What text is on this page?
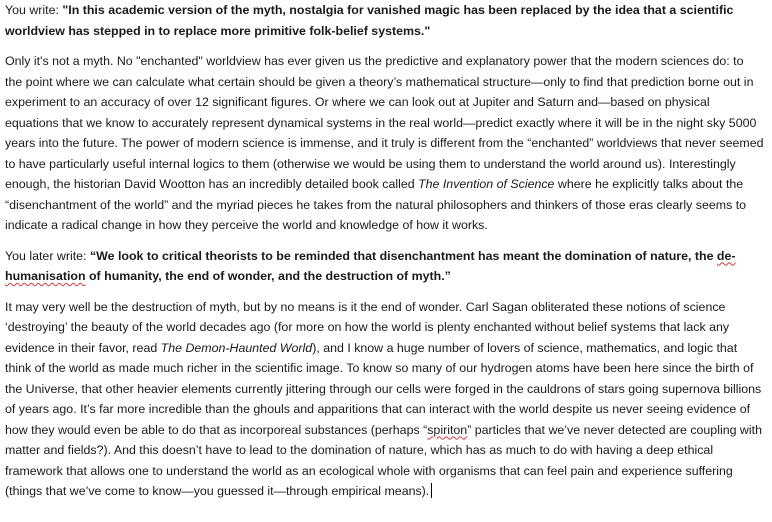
You write: "In this academic version of the myth, nostalgia for vanished magic has been replaced by the idea that a scientific worldview has stepped in to replace more primitive folk-belief systems."

Only it's not a myth. No "enchanted" worldview has ever given us the predictive and explanatory power that the modern sciences do: to the point where we can calculate what certain should be given a theory’s mathematical structure—only to find that prediction borne out in experiment to an accuracy of over 12 significant figures. Or where we can look out at Jupiter and Saturn and—based on physical equations that we know to accurately represent dynamical systems in the real world—predict exactly where it will be in the night sky 5000 years into the future. The power of modern science is immense, and it truly is different from the “enchanted” worldviews that never seemed to have particularly useful internal logics to them (otherwise we would be using them to understand the world around us). Interestingly enough, the historian David Wootton has an incredibly detailed book called The Invention of Science where he explicitly talks about the “disenchantment of the world” and the myriad pieces he takes from the natural philosophers and thinkers of those eras clearly seems to indicate a radical change in how they perceive the world and knowledge of how it works.

You later write: “We look to critical theorists to be reminded that disenchantment has meant the domination of nature, the de-humanisation of humanity, the end of wonder, and the destruction of myth.”

It may very well be the destruction of myth, but by no means is it the end of wonder. Carl Sagan obliterated these notions of science ‘destroying’ the beauty of the world decades ago (for more on how the world is plenty enchanted without belief systems that lack any evidence in their favor, read The Demon-Haunted World), and I know a huge number of lovers of science, mathematics, and logic that think of the world as made much richer in the scientific image. To know so many of our hydrogen atoms have been here since the birth of the Universe, that other heavier elements currently jittering through our cells were forged in the cauldrons of stars going supernova billions of years ago. It’s far more incredible than the ghouls and apparitions that can interact with the world despite us never seeing evidence of how they would even be able to do that as incorporeal substances (perhaps “spiriton” particles that we’ve never detected are coupling with matter and fields?). And this doesn’t have to lead to the domination of nature, which has as much to do with having a deep ethical framework that allows one to understand the world as an ecological whole with organisms that can feel pain and experience suffering (things that we’ve come to know—you guessed it—through empirical means).
